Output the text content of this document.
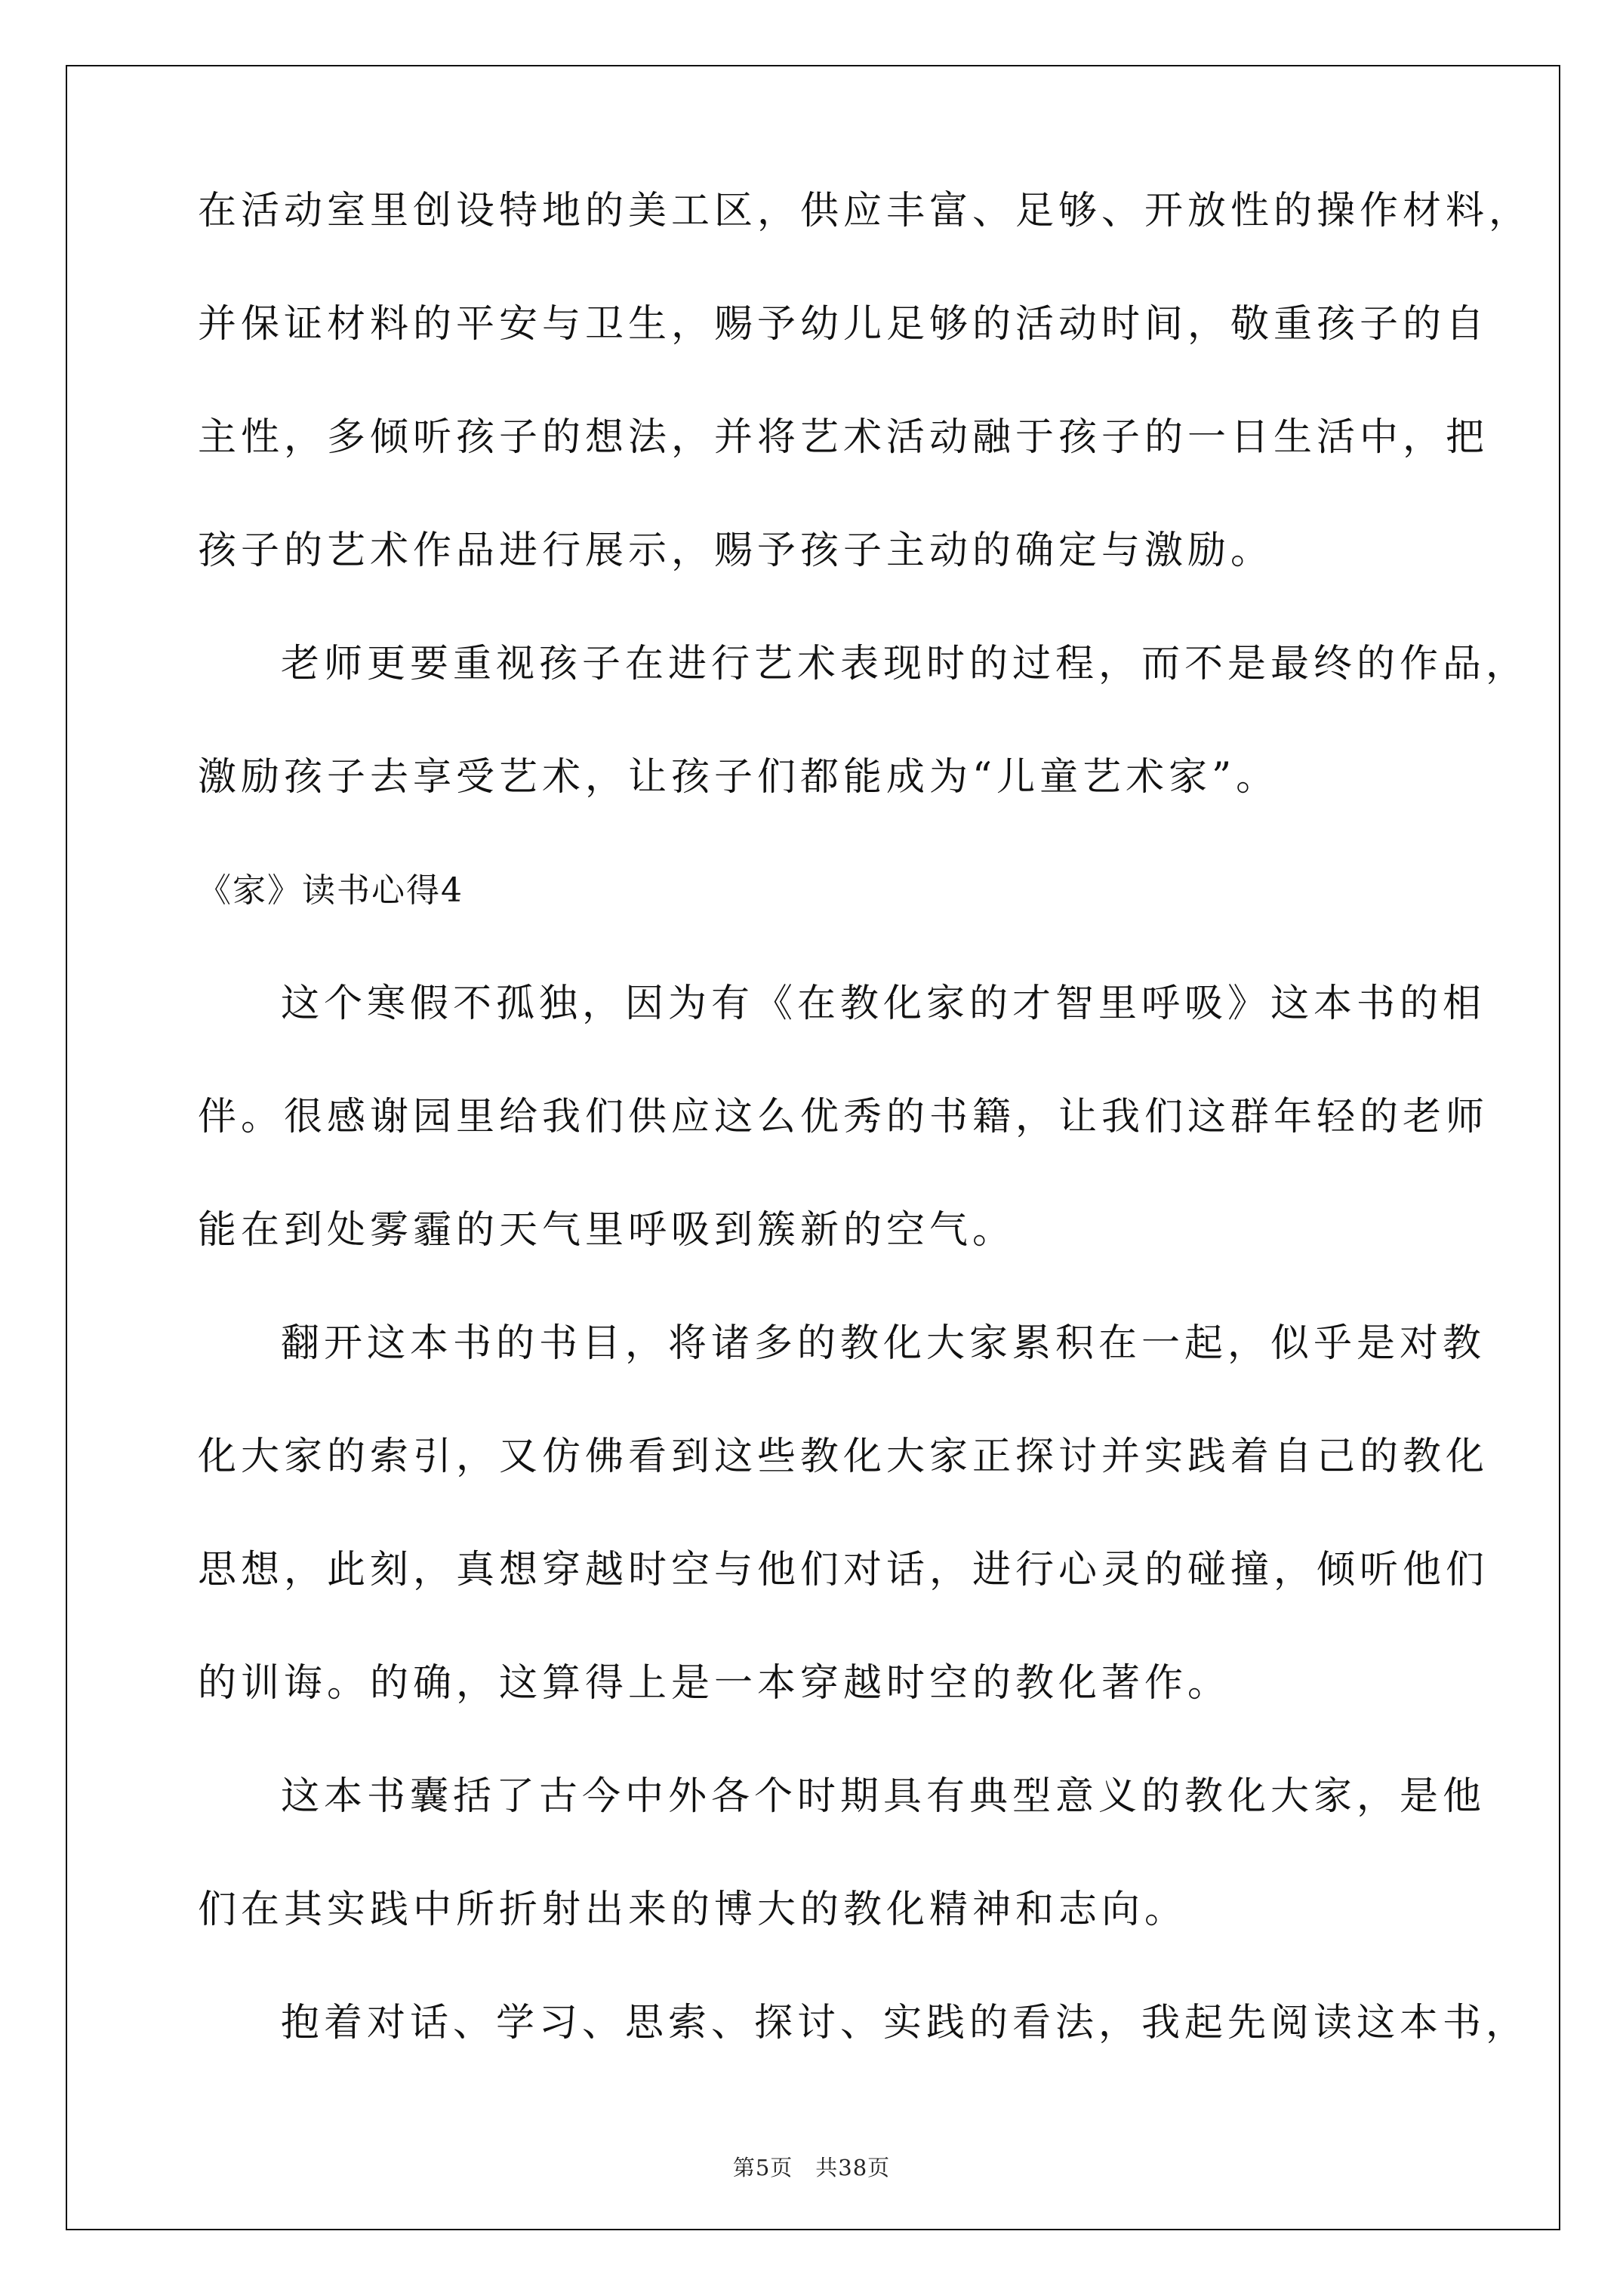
在活动室里创设特地的美工区，供应丰富、足够、开放性的操作材料，

并保证材料的平安与卫生，赐予幼儿足够的活动时间，敬重孩子的自

主性，多倾听孩子的想法，并将艺术活动融于孩子的一日生活中，把

孩子的艺术作品进行展示，赐予孩子主动的确定与激励。

老师更要重视孩子在进行艺术表现时的过程，而不是最终的作品，

激励孩子去享受艺术，让孩子们都能成为“儿童艺术家”。

《家》读书心得4

这个寒假不孤独，因为有《在教化家的才智里呼吸》这本书的相

伴。很感谢园里给我们供应这么优秀的书籍，让我们这群年轻的老师

能在到处雾霾的天气里呼吸到簇新的空气。

翻开这本书的书目，将诸多的教化大家累积在一起，似乎是对教

化大家的索引，又仿佛看到这些教化大家正探讨并实践着自己的教化

思想，此刻，真想穿越时空与他们对话，进行心灵的碰撞，倾听他们

的训诲。的确，这算得上是一本穿越时空的教化著作。

这本书囊括了古今中外各个时期具有典型意义的教化大家，是他

们在其实践中所折射出来的博大的教化精神和志向。

抱着对话、学习、思索、探讨、实践的看法，我起先阅读这本书，

第5页　共38页
